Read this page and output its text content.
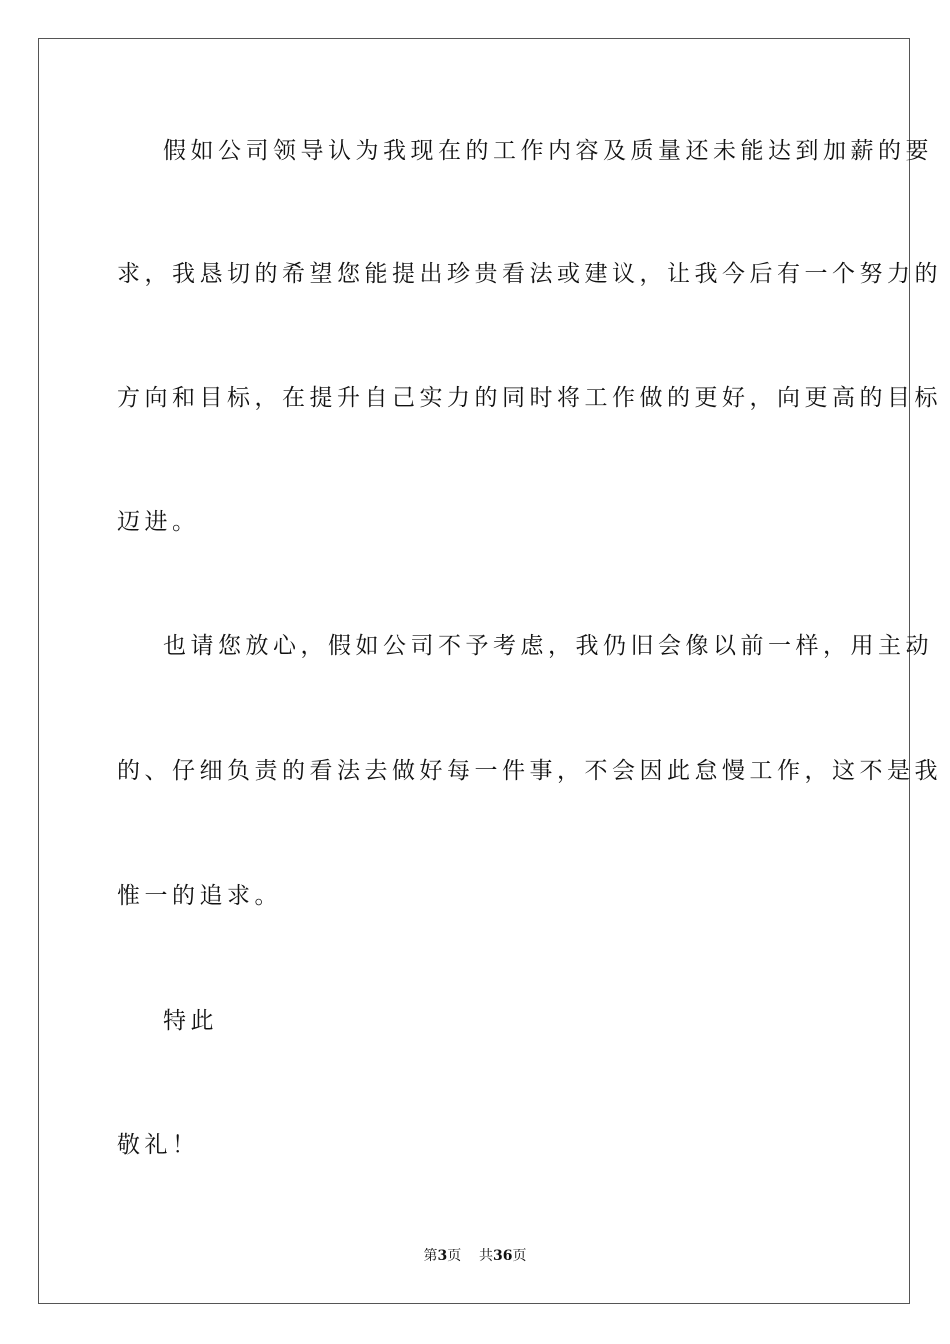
假如公司领导认为我现在的工作内容及质量还未能达到加薪的要
求，我恳切的希望您能提出珍贵看法或建议，让我今后有一个努力的
方向和目标，在提升自己实力的同时将工作做的更好，向更高的目标
迈进。
也请您放心，假如公司不予考虑，我仍旧会像以前一样，用主动
的、仔细负责的看法去做好每一件事，不会因此怠慢工作，这不是我
惟一的追求。
特此
敬礼！
第3页 共36页
